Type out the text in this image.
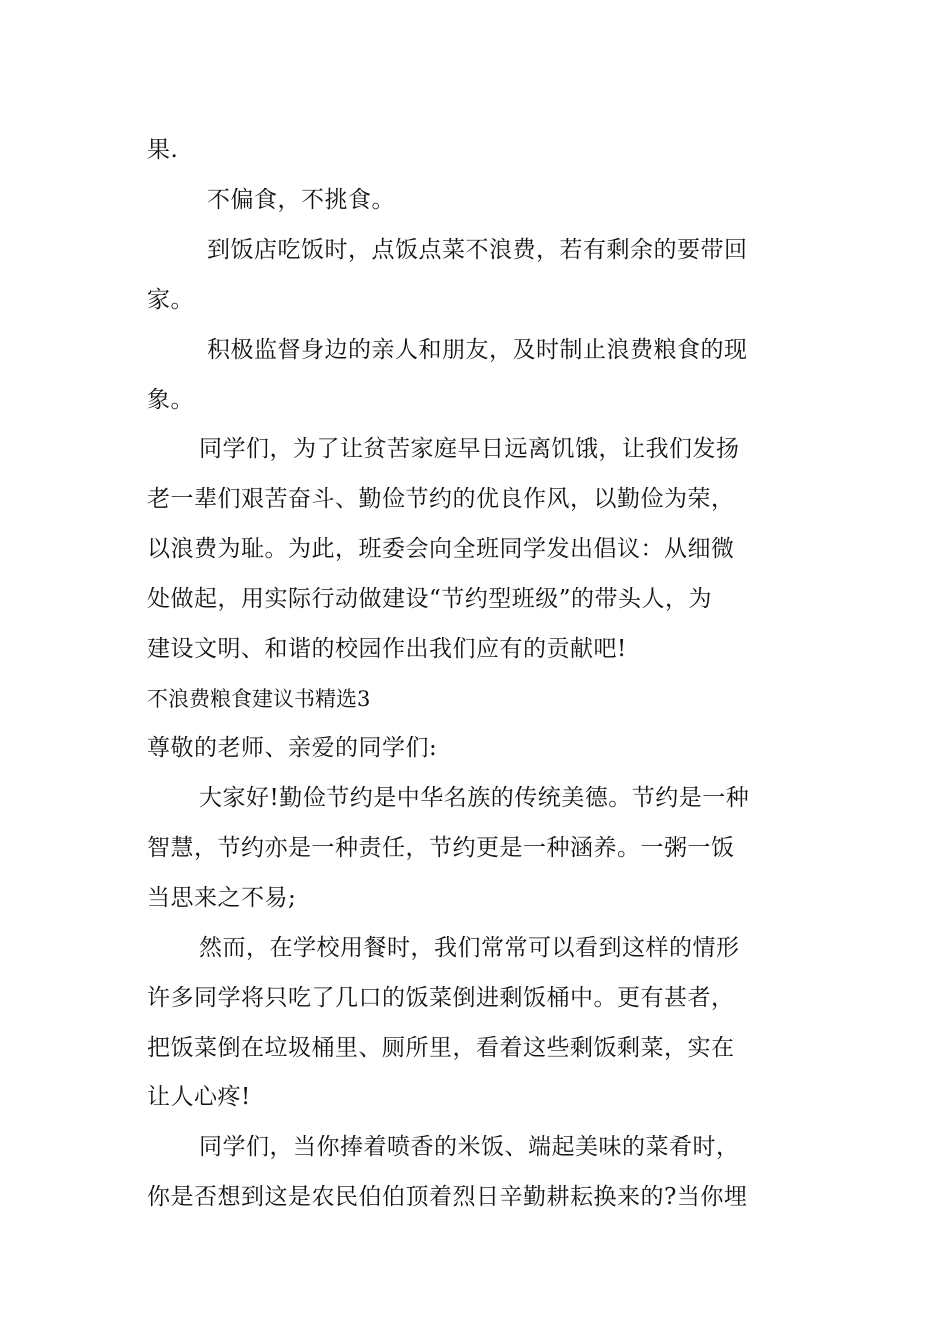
果.
不偏食，不挑食。
到饭店吃饭时，点饭点菜不浪费，若有剩余的要带回
家。
积极监督身边的亲人和朋友，及时制止浪费粮食的现
象。
同学们，为了让贫苦家庭早日远离饥饿，让我们发扬
老一辈们艰苦奋斗、勤俭节约的优良作风，以勤俭为荣，
以浪费为耻。为此，班委会向全班同学发出倡议：从细微
处做起，用实际行动做建设“节约型班级”的带头人，为
建设文明、和谐的校园作出我们应有的贡献吧!
不浪费粮食建议书精选3
尊敬的老师、亲爱的同学们:
大家好!勤俭节约是中华名族的传统美德。节约是一种
智慧，节约亦是一种责任，节约更是一种涵养。一粥一饭
当思来之不易;
然而，在学校用餐时，我们常常可以看到这样的情形
许多同学将只吃了几口的饭菜倒进剩饭桶中。更有甚者，
把饭菜倒在垃圾桶里、厕所里，看着这些剩饭剩菜，实在
让人心疼!
同学们，当你捧着喷香的米饭、端起美味的菜肴时，
你是否想到这是农民伯伯顶着烈日辛勤耕耘换来的?当你埋
